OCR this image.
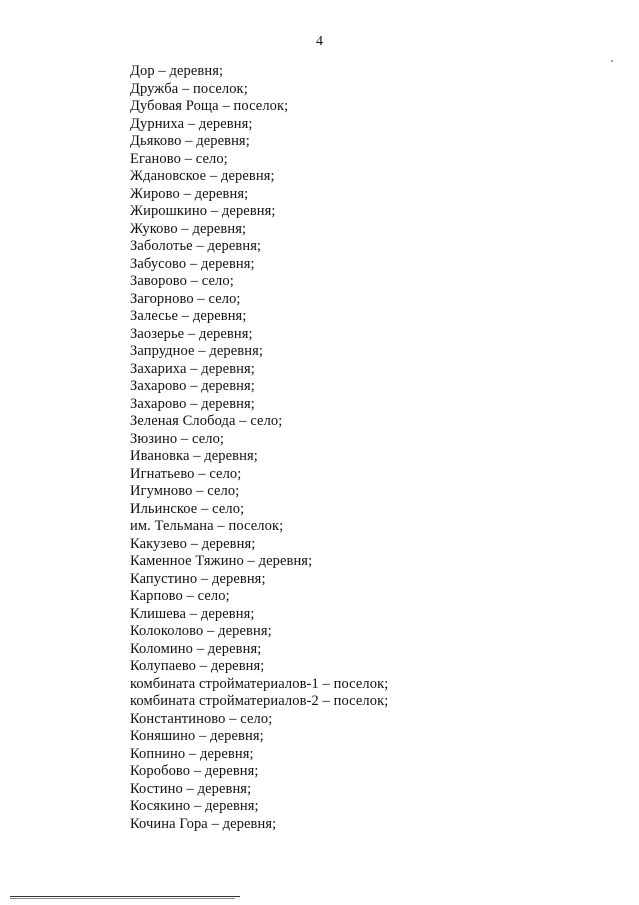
4
Дор – деревня;
Дружба – поселок;
Дубовая Роща – поселок;
Дурниха – деревня;
Дьяково – деревня;
Еганово – село;
Ждановское – деревня;
Жирово – деревня;
Жирошкино – деревня;
Жуково – деревня;
Заболотье – деревня;
Забусово – деревня;
Заворово – село;
Загорново – село;
Залесье – деревня;
Заозерье – деревня;
Запрудное – деревня;
Захариха – деревня;
Захарово – деревня;
Захарово – деревня;
Зеленая Слобода – село;
Зюзино – село;
Ивановка – деревня;
Игнатьево – село;
Игумново – село;
Ильинское – село;
им. Тельмана – поселок;
Какузево – деревня;
Каменное Тяжино – деревня;
Капустино – деревня;
Карпово – село;
Клишева – деревня;
Колоколово – деревня;
Коломино – деревня;
Колупаево – деревня;
комбината стройматериалов-1 – поселок;
комбината стройматериалов-2 – поселок;
Константиново – село;
Коняшино – деревня;
Копнино – деревня;
Коробово – деревня;
Костино – деревня;
Косякино – деревня;
Кочина Гора – деревня;
